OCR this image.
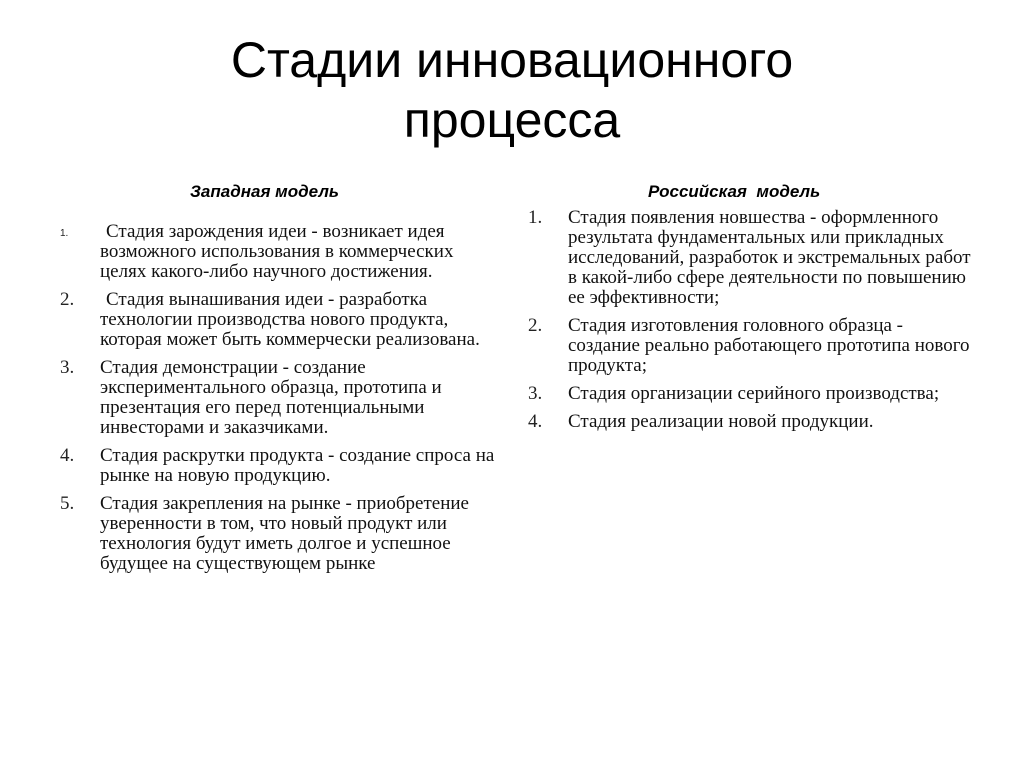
Стадии инновационного
процесса
Западная модель
1.	Стадия зарождения идеи - возникает идея возможного использования в коммерческих целях какого-либо научного достижения.
2.	Стадия вынашивания идеи - разработка технологии производства нового продукта, которая может быть коммерчески реализована.
3.	Стадия демонстрации - создание экспериментального образца, прототипа и презентация его перед потенциальными инвесторами и заказчиками.
4.	Стадия раскрутки продукта - создание спроса на рынке на новую продукцию.
5.	Стадия закрепления на рынке - приобретение уверенности в том, что новый продукт или технология будут иметь долгое и успешное будущее на существующем рынке
Российская  модель
1.	Стадия появления новшества - оформленного результата фундаментальных или прикладных исследований, разработок и экстремальных работ в какой-либо сфере деятельности по повышению ее эффективности;
2.	Стадия изготовления головного образца - создание реально работающего прототипа нового продукта;
3.	Стадия организации серийного производства;
4.	Стадия реализации новой продукции.
